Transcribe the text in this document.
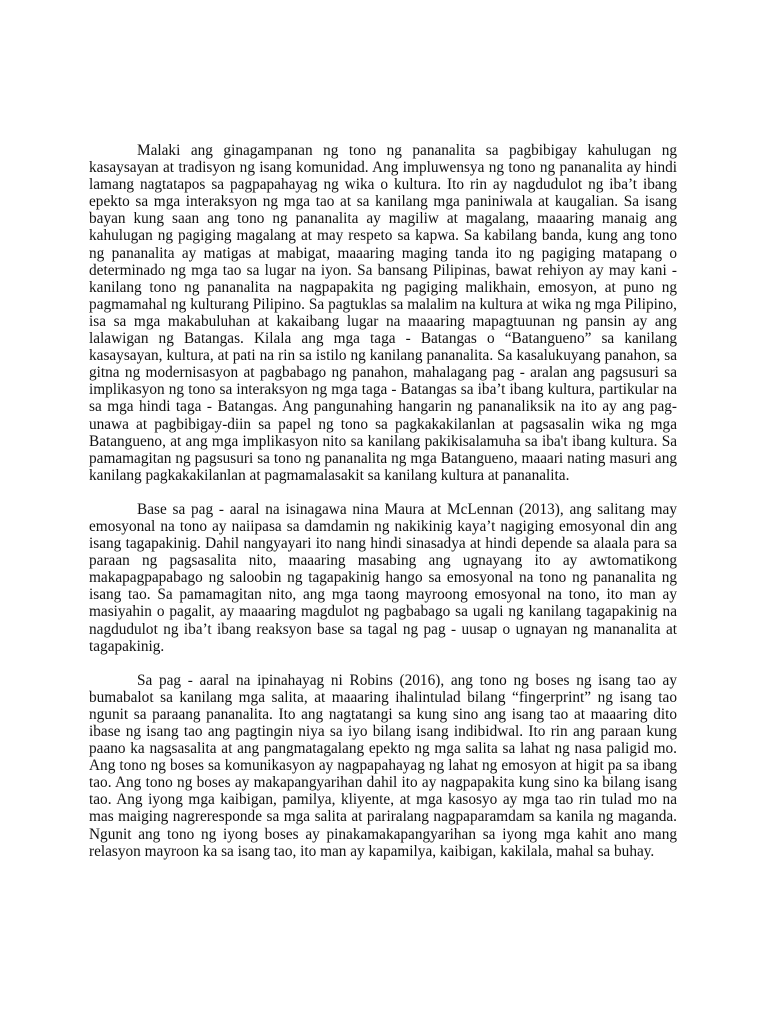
Malaki ang ginagampanan ng tono ng pananalita sa pagbibigay kahulugan ng kasaysayan at tradisyon ng isang komunidad. Ang impluwensya ng tono ng pananalita ay hindi lamang nagtatapos sa pagpapahayag ng wika o kultura. Ito rin ay nagdudulot ng iba’t ibang epekto sa mga interaksyon ng mga tao at sa kanilang mga paniniwala at kaugalian. Sa isang bayan kung saan ang tono ng pananalita ay magiliw at magalang, maaaring manaig ang kahulugan ng pagiging magalang at may respeto sa kapwa. Sa kabilang banda, kung ang tono ng pananalita ay matigas at mabigat, maaaring maging tanda ito ng pagiging matapang o determinado ng mga tao sa lugar na iyon. Sa bansang Pilipinas, bawat rehiyon ay may kani - kanilang tono ng pananalita na nagpapakita ng pagiging malikhain, emosyon, at puno ng pagmamahal ng kulturang Pilipino. Sa pagtuklas sa malalim na kultura at wika ng mga Pilipino, isa sa mga makabuluhan at kakaibang lugar na maaaring mapagtuunan ng pansin ay ang lalawigan ng Batangas. Kilala ang mga taga - Batangas o “Batangueno” sa kanilang kasaysayan, kultura, at pati na rin sa istilo ng kanilang pananalita. Sa kasalukuyang panahon, sa gitna ng modernisasyon at pagbabago ng panahon, mahalagang pag - aralan ang pagsusuri sa implikasyon ng tono sa interaksyon ng mga taga - Batangas sa iba’t ibang kultura, partikular na sa mga hindi taga - Batangas. Ang pangunahing hangarin ng pananaliksik na ito ay ang pag-unawa at pagbibigay-diin sa papel ng tono sa pagkakakilanlan at pagsasalin wika ng mga Batangueno, at ang mga implikasyon nito sa kanilang pakikisalamuha sa iba't ibang kultura. Sa pamamagitan ng pagsusuri sa tono ng pananalita ng mga Batangueno, maaari nating masuri ang kanilang pagkakakilanlan at pagmamalasakit sa kanilang kultura at pananalita.

Base sa pag - aaral na isinagawa nina Maura at McLennan (2013), ang salitang may emosyonal na tono ay naiipasa sa damdamin ng nakikinig kaya’t nagiging emosyonal din ang isang tagapakinig. Dahil nangyayari ito nang hindi sinasadya at hindi depende sa alaala para sa paraan ng pagsasalita nito, maaaring masabing ang ugnayang ito ay awtomatikong makapagpapabago ng saloobin ng tagapakinig hango sa emosyonal na tono ng pananalita ng isang tao. Sa pamamagitan nito, ang mga taong mayroong emosyonal na tono, ito man ay masiyahin o pagalit, ay maaaring magdulot ng pagbabago sa ugali ng kanilang tagapakinig na nagdudulot ng iba’t ibang reaksyon base sa tagal ng pag - uusap o ugnayan ng mananalita at tagapakinig.

Sa pag - aaral na ipinahayag ni Robins (2016), ang tono ng boses ng isang tao ay bumabalot sa kanilang mga salita, at maaaring ihalintulad bilang “fingerprint” ng isang tao ngunit sa paraang pananalita. Ito ang nagtatangi sa kung sino ang isang tao at maaaring dito ibase ng isang tao ang pagtingin niya sa iyo bilang isang indibidwal. Ito rin ang paraan kung paano ka nagsasalita at ang pangmatagalang epekto ng mga salita sa lahat ng nasa paligid mo. Ang tono ng boses sa komunikasyon ay nagpapahayag ng lahat ng emosyon at higit pa sa ibang tao. Ang tono ng boses ay makapangyarihan dahil ito ay nagpapakita kung sino ka bilang isang tao. Ang iyong mga kaibigan, pamilya, kliyente, at mga kasosyo ay mga tao rin tulad mo na mas maiging nagreresponde sa mga salita at pariralang nagpaparamdam sa kanila ng maganda. Ngunit ang tono ng iyong boses ay pinakamakapangyarihan sa iyong mga kahit ano mang relasyon mayroon ka sa isang tao, ito man ay kapamilya, kaibigan, kakilala, mahal sa buhay.
